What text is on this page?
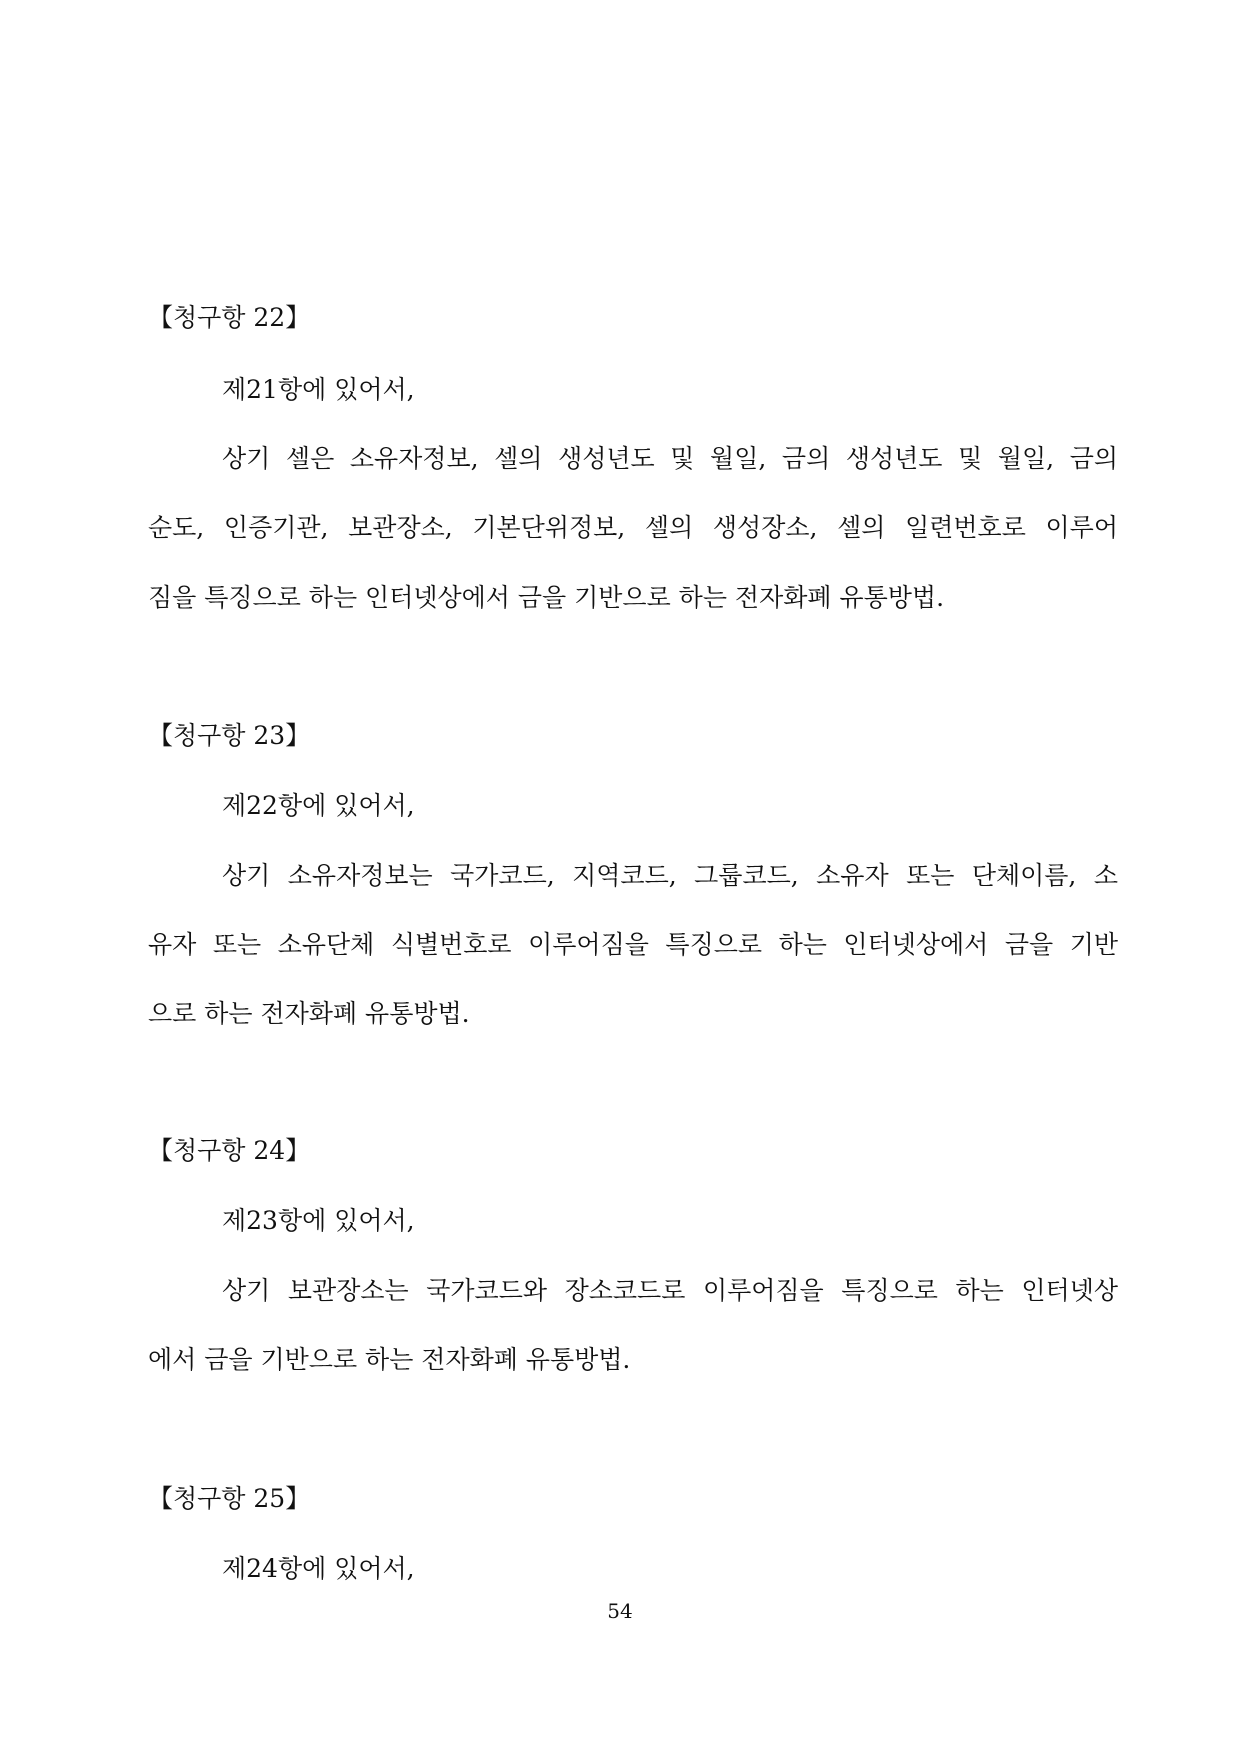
【청구항 22】
제21항에 있어서,
상기 셀은 소유자정보, 셀의 생성년도 및 월일, 금의 생성년도 및 월일, 금의
순도, 인증기관, 보관장소, 기본단위정보, 셀의 생성장소, 셀의 일련번호로 이루어
짐을 특징으로 하는 인터넷상에서 금을 기반으로 하는 전자화폐 유통방법.
【청구항 23】
제22항에 있어서,
상기 소유자정보는 국가코드, 지역코드, 그룹코드, 소유자 또는 단체이름, 소
유자 또는 소유단체 식별번호로 이루어짐을 특징으로 하는 인터넷상에서 금을 기반
으로 하는 전자화폐 유통방법.
【청구항 24】
제23항에 있어서,
상기 보관장소는 국가코드와 장소코드로 이루어짐을 특징으로 하는 인터넷상
에서 금을 기반으로 하는 전자화폐 유통방법.
【청구항 25】
제24항에 있어서,
54
